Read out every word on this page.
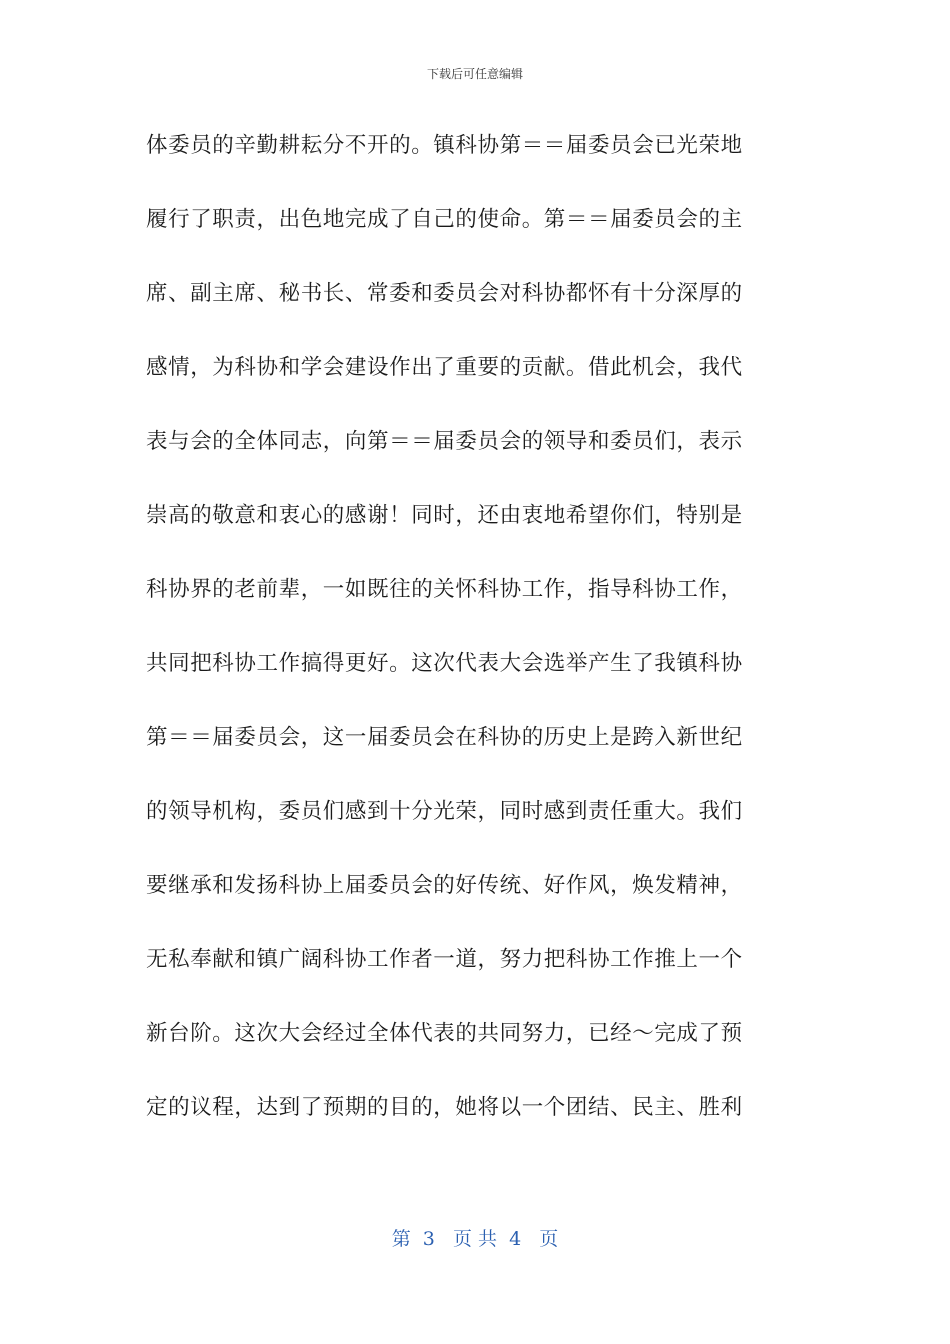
下载后可任意编辑
体委员的辛勤耕耘分不开的。镇科协第＝＝届委员会已光荣地
履行了职责，出色地完成了自己的使命。第＝＝届委员会的主
席、副主席、秘书长、常委和委员会对科协都怀有十分深厚的
感情，为科协和学会建设作出了重要的贡献。借此机会，我代
表与会的全体同志，向第＝＝届委员会的领导和委员们，表示
崇高的敬意和衷心的感谢！同时，还由衷地希望你们，特别是
科协界的老前辈，一如既往的关怀科协工作，指导科协工作，
共同把科协工作搞得更好。这次代表大会选举产生了我镇科协
第＝＝届委员会，这一届委员会在科协的历史上是跨入新世纪
的领导机构，委员们感到十分光荣，同时感到责任重大。我们
要继承和发扬科协上届委员会的好传统、好作风，焕发精神，
无私奉献和镇广阔科协工作者一道，努力把科协工作推上一个
新台阶。这次大会经过全体代表的共同努力，已经～完成了预
定的议程，达到了预期的目的，她将以一个团结、民主、胜利
第  3   页 共  4   页
